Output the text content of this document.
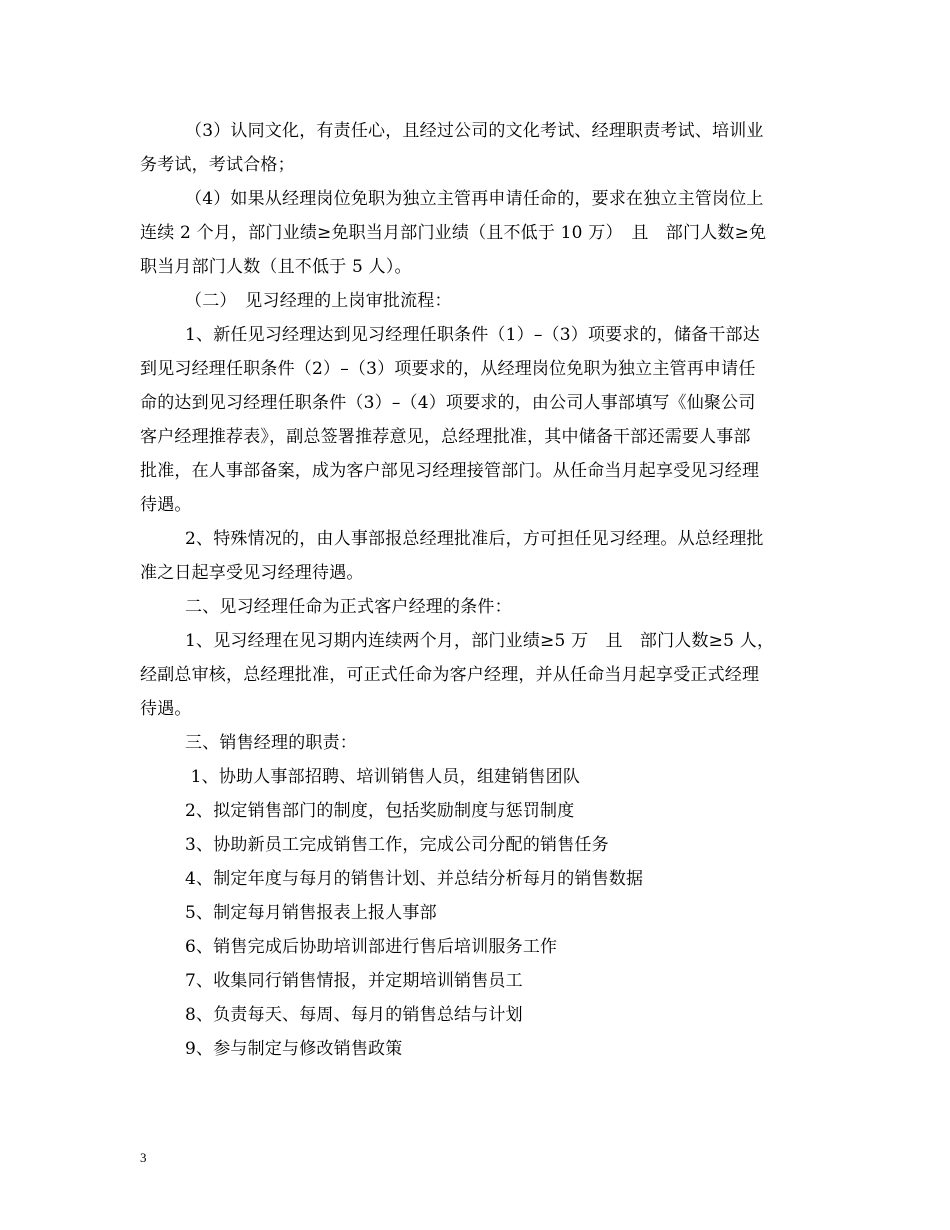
（3）认同文化，有责任心，且经过公司的文化考试、经理职责考试、培训业
务考试，考试合格；
（4）如果从经理岗位免职为独立主管再申请任命的，要求在独立主管岗位上
连续 2 个月，部门业绩≥免职当月部门业绩（且不低于 10 万）　且　部门人数≥免
职当月部门人数（且不低于 5 人）。
（二）　见习经理的上岗审批流程：
1、新任见习经理达到见习经理任职条件（1）–（3）项要求的，储备干部达
到见习经理任职条件（2）–（3）项要求的，从经理岗位免职为独立主管再申请任
命的达到见习经理任职条件（3）–（4）项要求的，由公司人事部填写《仙聚公司
客户经理推荐表》，副总签署推荐意见，总经理批准，其中储备干部还需要人事部
批准，在人事部备案，成为客户部见习经理接管部门。从任命当月起享受见习经理
待遇。
2、特殊情况的，由人事部报总经理批准后，方可担任见习经理。从总经理批
准之日起享受见习经理待遇。
二、见习经理任命为正式客户经理的条件：
1、见习经理在见习期内连续两个月，部门业绩≥5 万　且　部门人数≥5 人，
经副总审核，总经理批准，可正式任命为客户经理，并从任命当月起享受正式经理
待遇。
三、销售经理的职责：
1、协助人事部招聘、培训销售人员，组建销售团队
2、拟定销售部门的制度，包括奖励制度与惩罚制度
3、协助新员工完成销售工作，完成公司分配的销售任务
4、制定年度与每月的销售计划、并总结分析每月的销售数据
5、制定每月销售报表上报人事部
6、销售完成后协助培训部进行售后培训服务工作
7、收集同行销售情报，并定期培训销售员工
8、负责每天、每周、每月的销售总结与计划
9、参与制定与修改销售政策
3
